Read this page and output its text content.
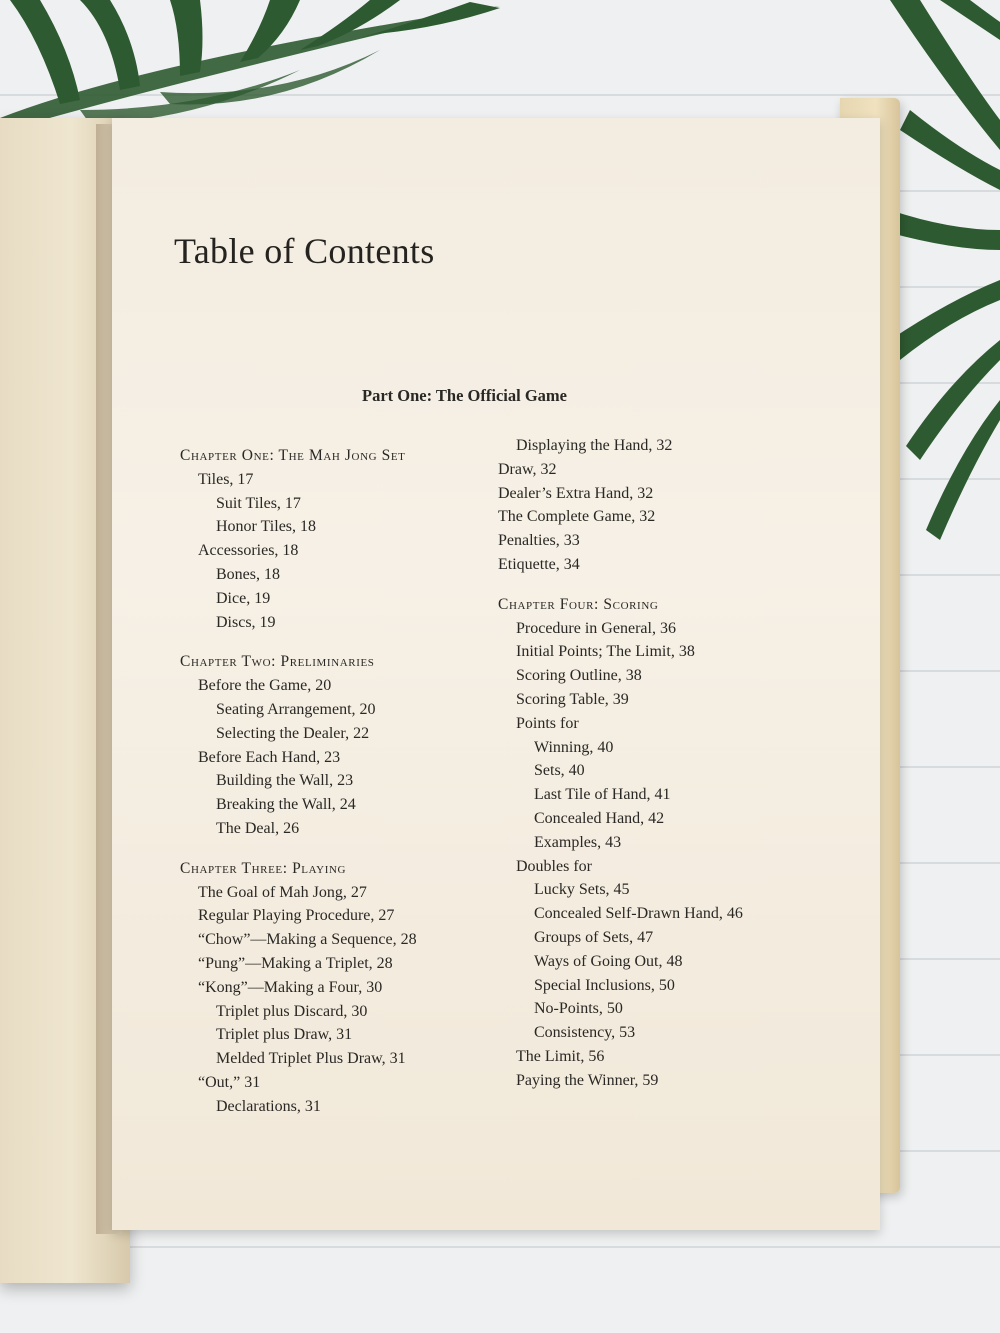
Table of Contents
Part One: The Official Game
Chapter One: The Mah Jong Set
Tiles, 17
Suit Tiles, 17
Honor Tiles, 18
Accessories, 18
Bones, 18
Dice, 19
Discs, 19
Chapter Two: Preliminaries
Before the Game, 20
Seating Arrangement, 20
Selecting the Dealer, 22
Before Each Hand, 23
Building the Wall, 23
Breaking the Wall, 24
The Deal, 26
Chapter Three: Playing
The Goal of Mah Jong, 27
Regular Playing Procedure, 27
“Chow”—Making a Sequence, 28
“Pung”—Making a Triplet, 28
“Kong”—Making a Four, 30
Triplet plus Discard, 30
Triplet plus Draw, 31
Melded Triplet Plus Draw, 31
“Out,” 31
Declarations, 31
Displaying the Hand, 32
Draw, 32
Dealer’s Extra Hand, 32
The Complete Game, 32
Penalties, 33
Etiquette, 34
Chapter Four: Scoring
Procedure in General, 36
Initial Points; The Limit, 38
Scoring Outline, 38
Scoring Table, 39
Points for
Winning, 40
Sets, 40
Last Tile of Hand, 41
Concealed Hand, 42
Examples, 43
Doubles for
Lucky Sets, 45
Concealed Self-Drawn Hand, 46
Groups of Sets, 47
Ways of Going Out, 48
Special Inclusions, 50
No-Points, 50
Consistency, 53
The Limit, 56
Paying the Winner, 59
